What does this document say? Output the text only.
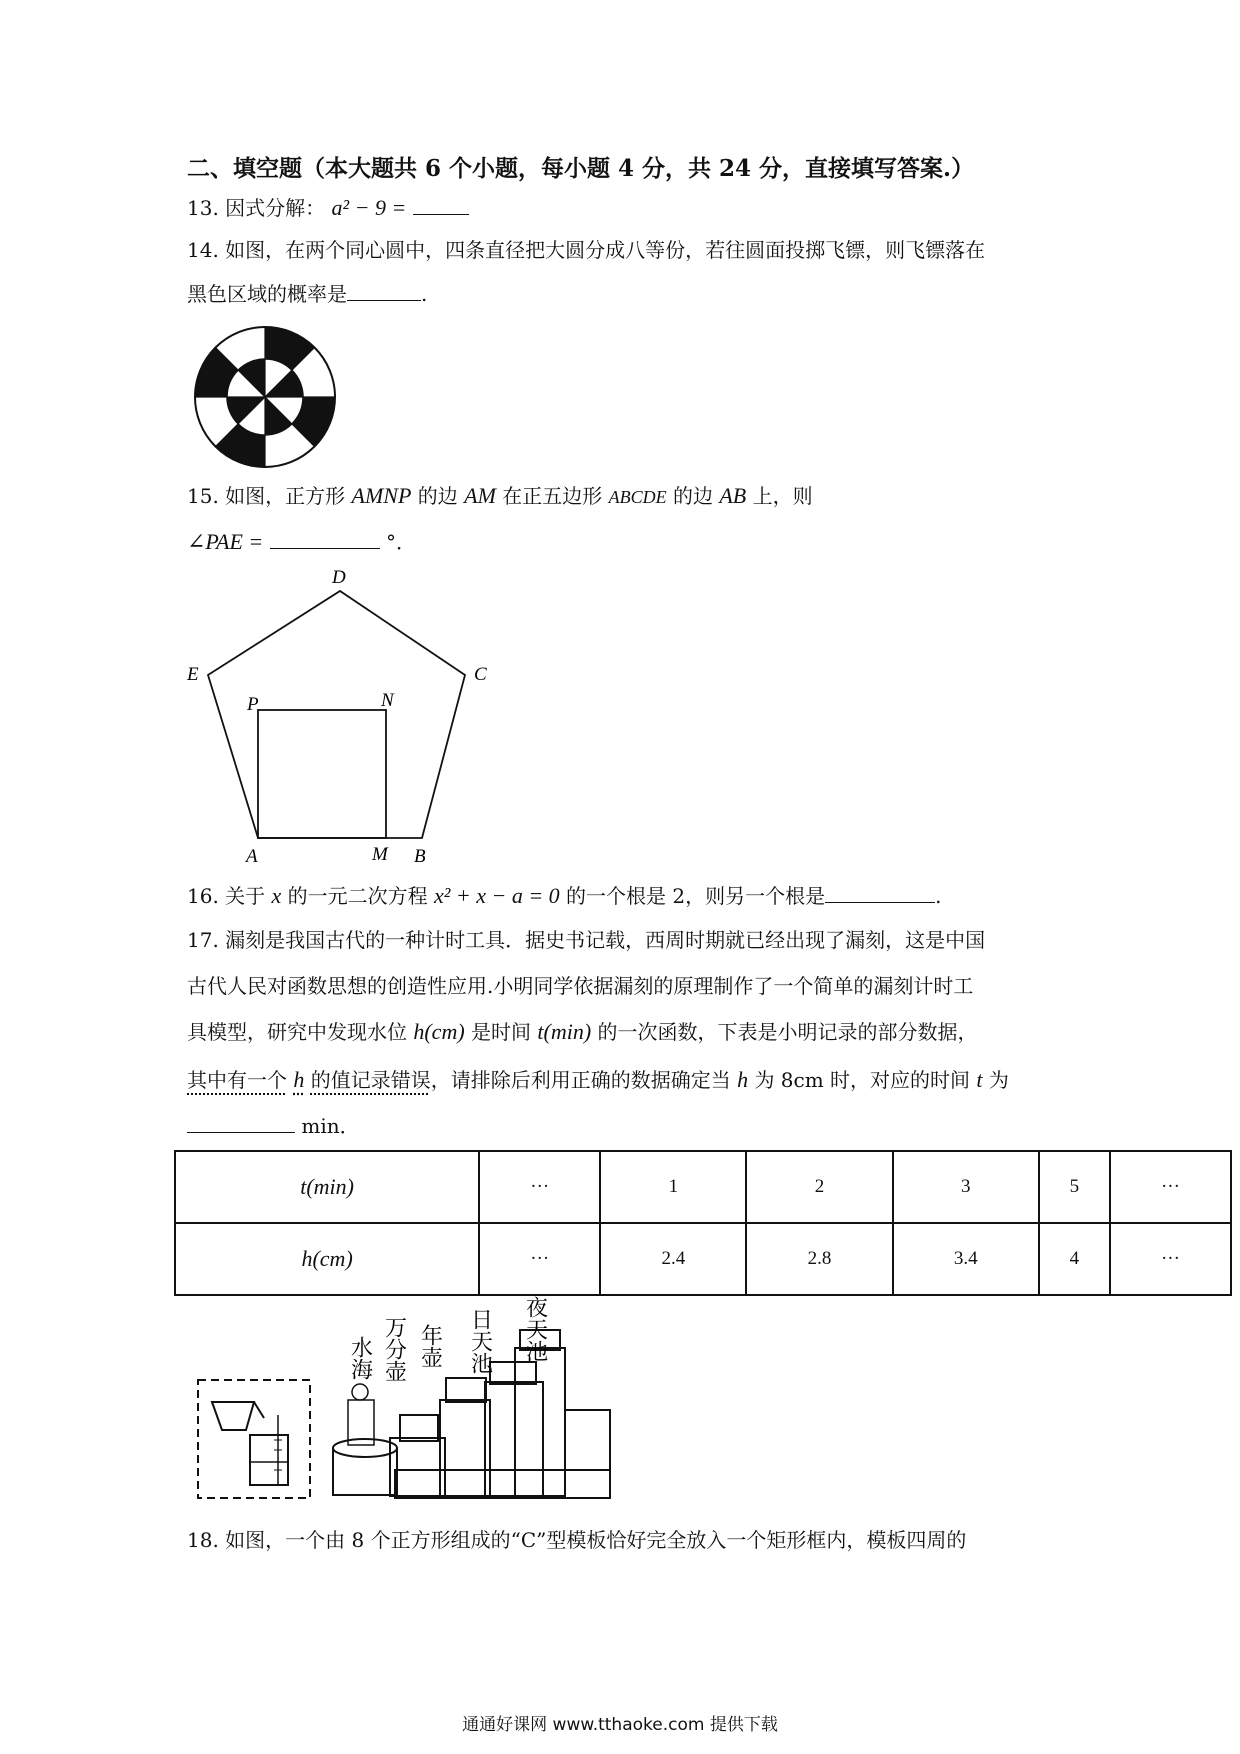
二、填空题（本大题共 6 个小题，每小题 4 分，共 24 分，直接填写答案.）
13. 因式分解： a² − 9 =
14. 如图，在两个同心圆中，四条直径把大圆分成八等份，若往圆面投掷飞镖，则飞镖落在
黑色区域的概率是	.
15. 如图，正方形 AMNP 的边 AM 在正五边形 ABCDE 的边 AB 上，则
∠PAE =	°．
D
E	C
P	N
A	M B
16. 关于 x 的一元二次方程 x² + x − a = 0 的一个根是 2，则另一个根是	.
17. 漏刻是我国古代的一种计时工具．据史书记载，西周时期就已经出现了漏刻，这是中国
古代人民对函数思想的创造性应用.小明同学依据漏刻的原理制作了一个简单的漏刻计时工
具模型，研究中发现水位 h(cm) 是时间 t(min) 的一次函数，下表是小明记录的部分数据，
其中有一个 h 的值记录错误，请排除后利用正确的数据确定当 h 为 8cm 时，对应的时间 t 为
min．
t(min)	···	1	2	3	5	···
h(cm)	···	2.4	2.8	3.4	4	···
夜天池
日天池
年壶
万分壶
水海
18. 如图，一个由 8 个正方形组成的“C”型模板恰好完全放入一个矩形框内，模板四周的
通通好课网 www.tthaoke.com 提供下载
